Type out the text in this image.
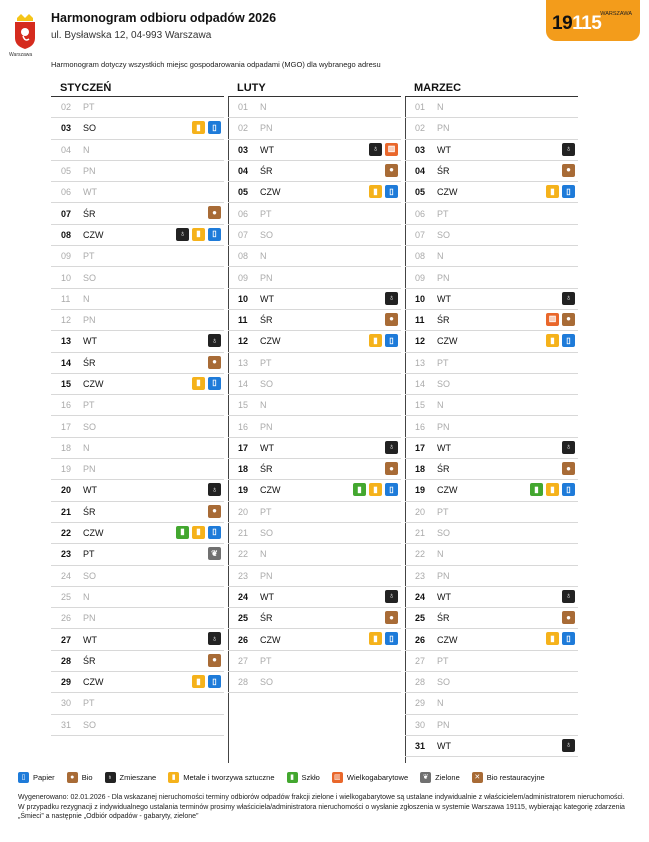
Warszawa
Harmonogram odbioru odpadów 2026
ul. Bysławska 12, 04-993 Warszawa
Harmonogram dotyczy wszystkich miejsc gospodarowania odpadami (MGO) dla wybranego adresu
WARSZAWA
19115
STYCZEŃ
02	PT
03	SO	▮	▯
04	N
05	PN
06	WT
07	ŚR	●
08	CZW	♁	▮	▯
09	PT
10	SO
11	N
12	PN
13	WT	♁
14	ŚR	●
15	CZW	▮	▯
16	PT
17	SO
18	N
19	PN
20	WT	♁
21	ŚR	●
22	CZW	▮	▮	▯
23	PT	❦
24	SO
25	N
26	PN
27	WT	♁
28	ŚR	●
29	CZW	▮	▯
30	PT
31	SO
LUTY
01	N
02	PN
03	WT	♁	▥
04	ŚR	●
05	CZW	▮	▯
06	PT
07	SO
08	N
09	PN
10	WT	♁
11	ŚR	●
12	CZW	▮	▯
13	PT
14	SO
15	N
16	PN
17	WT	♁
18	ŚR	●
19	CZW	▮	▮	▯
20	PT
21	SO
22	N
23	PN
24	WT	♁
25	ŚR	●
26	CZW	▮	▯
27	PT
28	SO
MARZEC
01	N
02	PN
03	WT	♁
04	ŚR	●
05	CZW	▮	▯
06	PT
07	SO
08	N
09	PN
10	WT	♁
11	ŚR	▥	●
12	CZW	▮	▯
13	PT
14	SO
15	N
16	PN
17	WT	♁
18	ŚR	●
19	CZW	▮	▮	▯
20	PT
21	SO
22	N
23	PN
24	WT	♁
25	ŚR	●
26	CZW	▮	▯
27	PT
28	SO
29	N
30	PN
31	WT	♁
▯	Papier	● Bio	♁ Zmieszane	▮	Metale i tworzywa sztuczne	▮	Szkło	▥ Wielkogabarytowe	❦ Zielone	✕ Bio restauracyjne
Wygenerowano: 02.01.2026 - Dla wskazanej nieruchomości terminy odbiorów odpadów frakcji zielone i wielkogabarytowe są ustalane indywidualnie z właścicielem/administratorem nieruchomości. W przypadku rezygnacji z indywidualnego ustalania terminów prosimy właściciela/administratora nieruchomości o wysłanie zgłoszenia w systemie Warszawa 19115, wybierając kategorię zdarzenia „Śmieci” a następnie „Odbiór odpadów - gabaryty, zielone”
